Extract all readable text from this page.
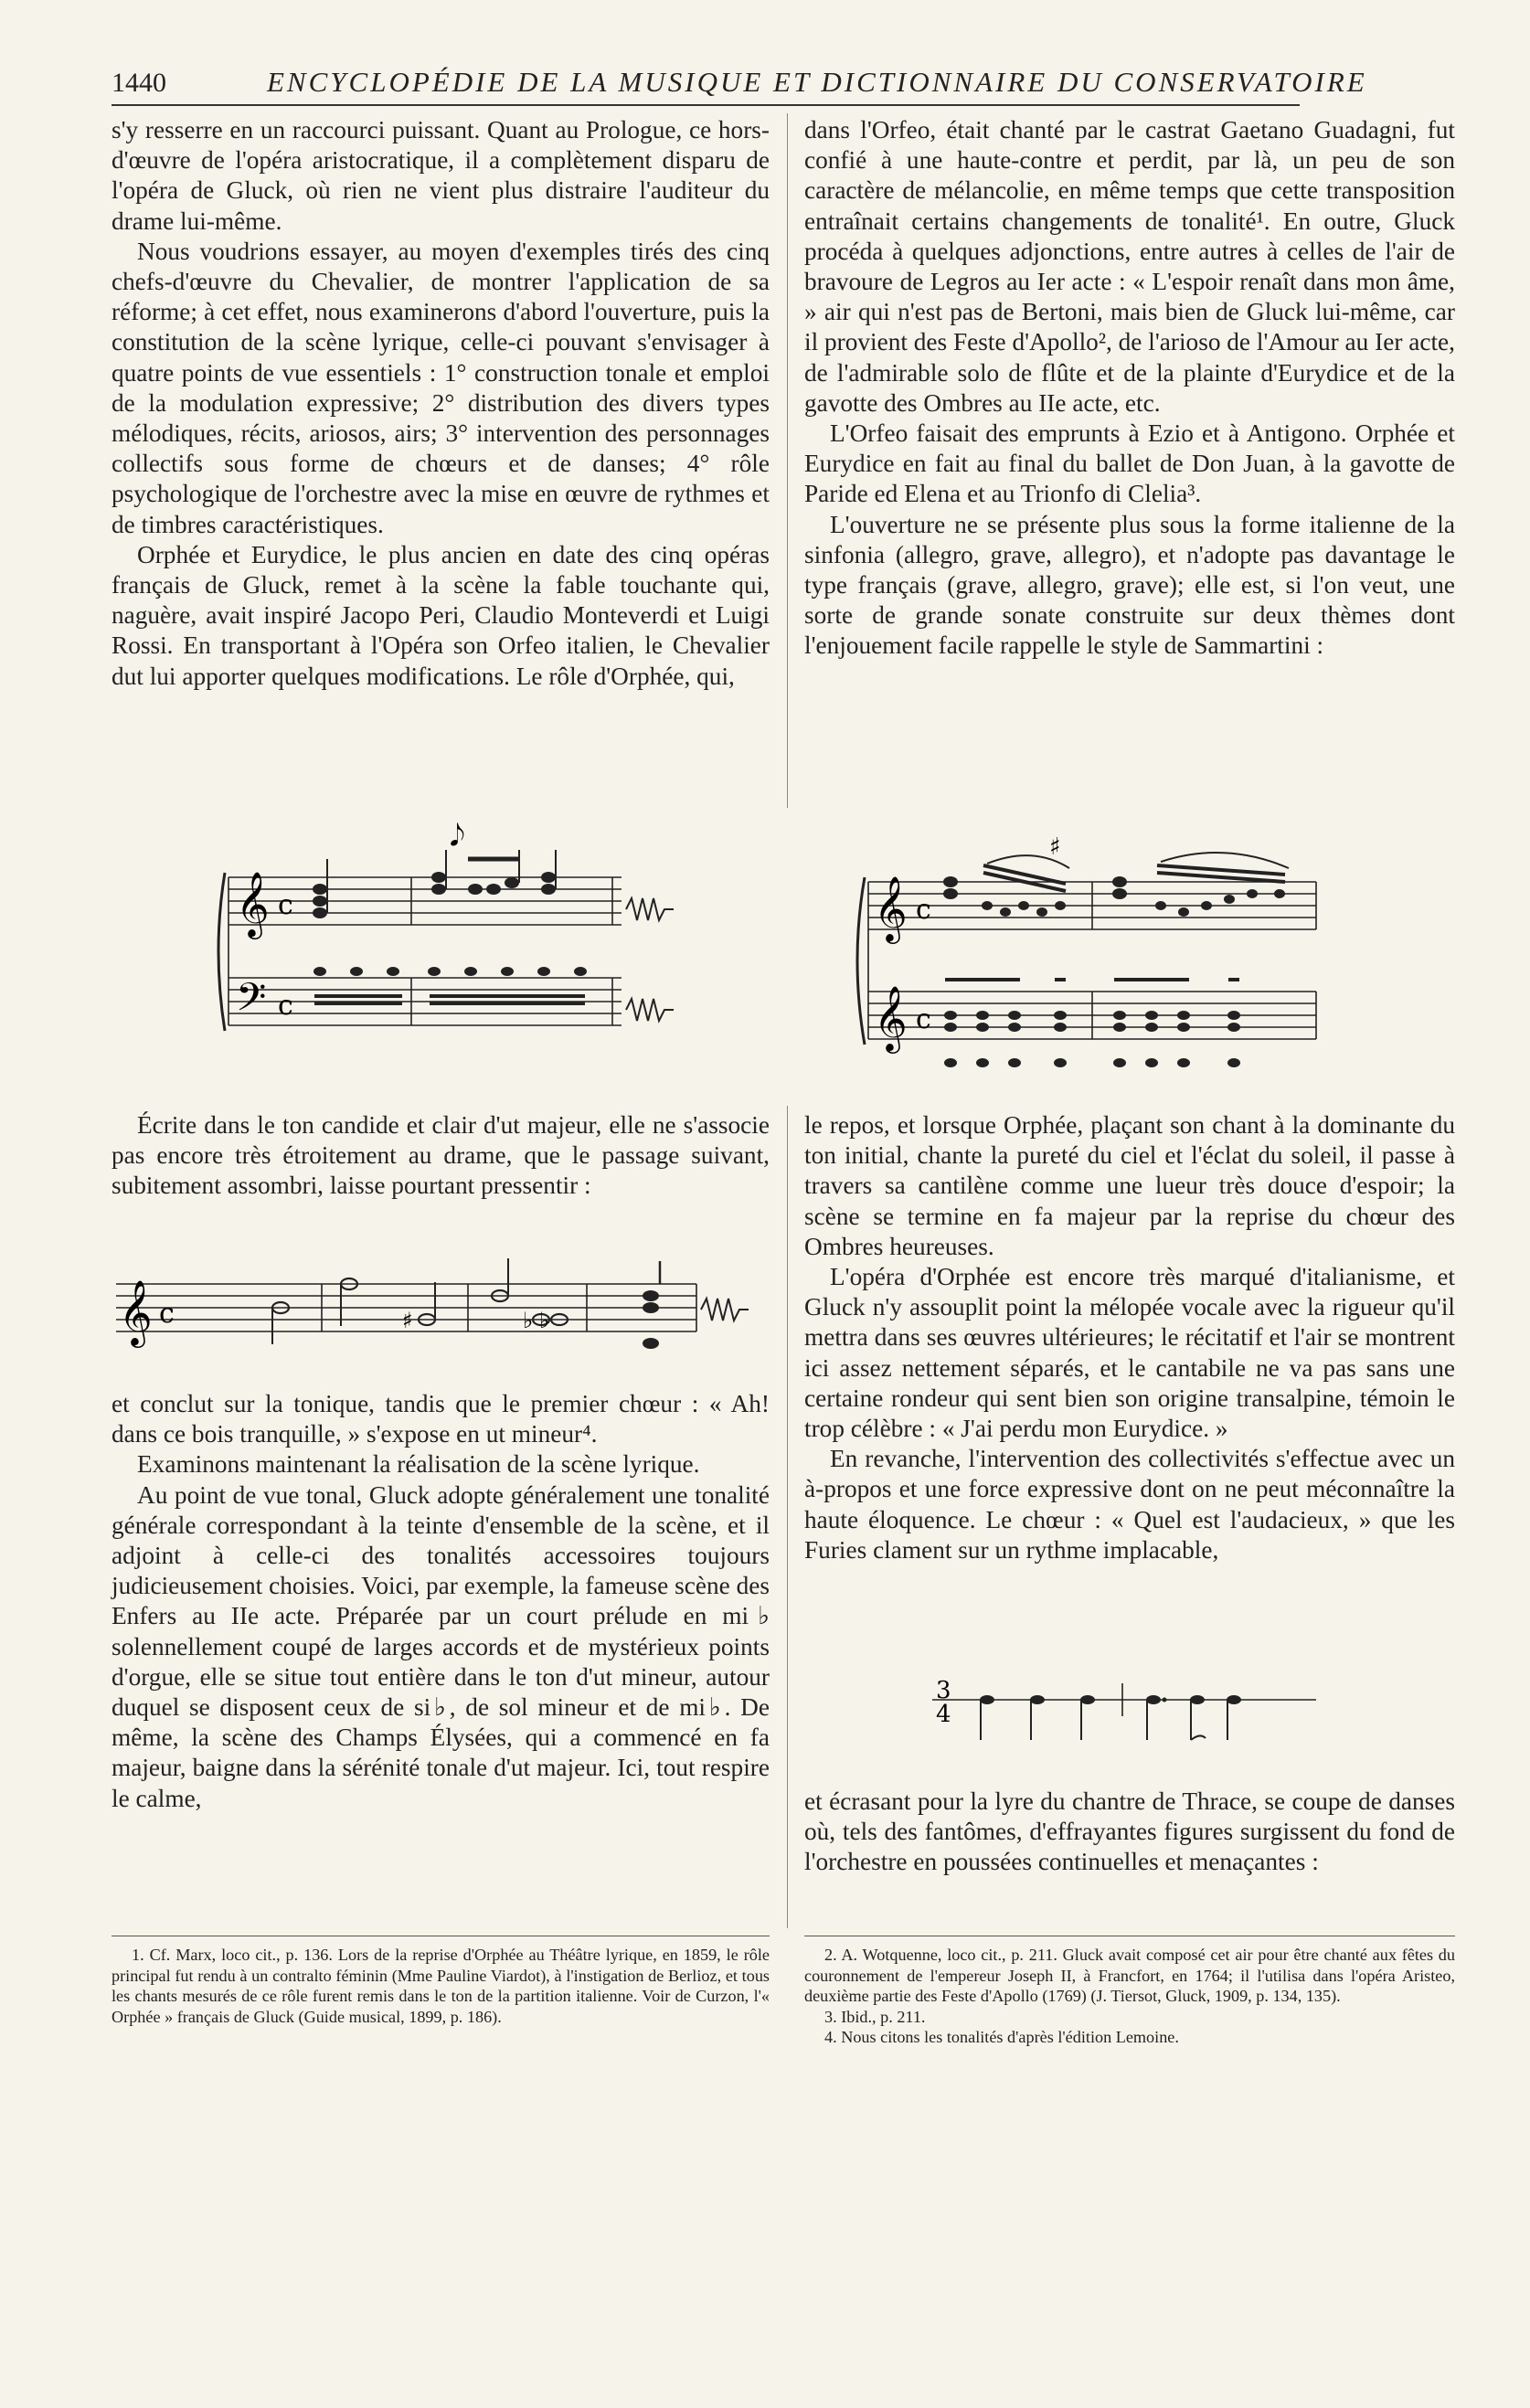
1440	ENCYCLOPÉDIE DE LA MUSIQUE ET DICTIONNAIRE DU CONSERVATOIRE

s'y resserre en un raccourci puissant. Quant au Prologue, ce hors-d'œuvre de l'opéra aristocratique, il a complètement disparu de l'opéra de Gluck, où rien ne vient plus distraire l'auditeur du drame lui-même.

Nous voudrions essayer, au moyen d'exemples tirés des cinq chefs-d'œuvre du Chevalier, de montrer l'application de sa réforme; à cet effet, nous examinerons d'abord l'ouverture, puis la constitution de la scène lyrique, celle-ci pouvant s'envisager à quatre points de vue essentiels : 1° construction tonale et emploi de la modulation expressive; 2° distribution des divers types mélodiques, récits, ariosos, airs; 3° intervention des personnages collectifs sous forme de chœurs et de danses; 4° rôle psychologique de l'orchestre avec la mise en œuvre de rythmes et de timbres caractéristiques.

Orphée et Eurydice, le plus ancien en date des cinq opéras français de Gluck, remet à la scène la fable touchante qui, naguère, avait inspiré Jacopo Peri, Claudio Monteverdi et Luigi Rossi. En transportant à l'Opéra son Orfeo italien, le Chevalier dut lui apporter quelques modifications. Le rôle d'Orphée, qui,

dans l'Orfeo, était chanté par le castrat Gaetano Guadagni, fut confié à une haute-contre et perdit, par là, un peu de son caractère de mélancolie, en même temps que cette transposition entraînait certains changements de tonalité¹. En outre, Gluck procéda à quelques adjonctions, entre autres à celles de l'air de bravoure de Legros au Ier acte : « L'espoir renaît dans mon âme, » air qui n'est pas de Bertoni, mais bien de Gluck lui-même, car il provient des Feste d'Apollo², de l'arioso de l'Amour au Ier acte, de l'admirable solo de flûte et de la plainte d'Eurydice et de la gavotte des Ombres au IIe acte, etc.

L'Orfeo faisait des emprunts à Ezio et à Antigono. Orphée et Eurydice en fait au final du ballet de Don Juan, à la gavotte de Paride ed Elena et au Trionfo di Clelia³.

L'ouverture ne se présente plus sous la forme italienne de la sinfonia (allegro, grave, allegro), et n'adopte pas davantage le type français (grave, allegro, grave); elle est, si l'on veut, une sorte de grande sonate construite sur deux thèmes dont l'enjouement facile rappelle le style de Sammartini :

𝄞 c
𝄢 c
𝅘𝅥𝅮
𝄞 c
𝄞 c
♯

Écrite dans le ton candide et clair d'ut majeur, elle ne s'associe pas encore très étroitement au drame, que le passage suivant, subitement assombri, laisse pourtant pressentir :

𝄞 c	♯	♭ ♭

et conclut sur la tonique, tandis que le premier chœur : « Ah! dans ce bois tranquille, » s'expose en ut mineur⁴.

Examinons maintenant la réalisation de la scène lyrique.

Au point de vue tonal, Gluck adopte généralement une tonalité générale correspondant à la teinte d'ensemble de la scène, et il adjoint à celle-ci des tonalités accessoires toujours judicieusement choisies. Voici, par exemple, la fameuse scène des Enfers au IIe acte. Préparée par un court prélude en mi♭ solennellement coupé de larges accords et de mystérieux points d'orgue, elle se situe tout entière dans le ton d'ut mineur, autour duquel se disposent ceux de si♭, de sol mineur et de mi♭. De même, la scène des Champs Élysées, qui a commencé en fa majeur, baigne dans la sérénité tonale d'ut majeur. Ici, tout respire le calme,

le repos, et lorsque Orphée, plaçant son chant à la dominante du ton initial, chante la pureté du ciel et l'éclat du soleil, il passe à travers sa cantilène comme une lueur très douce d'espoir; la scène se termine en fa majeur par la reprise du chœur des Ombres heureuses.

L'opéra d'Orphée est encore très marqué d'italianisme, et Gluck n'y assouplit point la mélopée vocale avec la rigueur qu'il mettra dans ses œuvres ultérieures; le récitatif et l'air se montrent ici assez nettement séparés, et le cantabile ne va pas sans une certaine rondeur qui sent bien son origine transalpine, témoin le trop célèbre : « J'ai perdu mon Eurydice. »

En revanche, l'intervention des collectivités s'effectue avec un à-propos et une force expressive dont on ne peut méconnaître la haute éloquence. Le chœur : « Quel est l'audacieux, » que les Furies clament sur un rythme implacable,

3
4

et écrasant pour la lyre du chantre de Thrace, se coupe de danses où, tels des fantômes, d'effrayantes figures surgissent du fond de l'orchestre en poussées continuelles et menaçantes :

1. Cf. Marx, loco cit., p. 136. Lors de la reprise d'Orphée au Théâtre lyrique, en 1859, le rôle principal fut rendu à un contralto féminin (Mme Pauline Viardot), à l'instigation de Berlioz, et tous les chants mesurés de ce rôle furent remis dans le ton de la partition italienne. Voir de Curzon, l'« Orphée » français de Gluck (Guide musical, 1899, p. 186).

2. A. Wotquenne, loco cit., p. 211. Gluck avait composé cet air pour être chanté aux fêtes du couronnement de l'empereur Joseph II, à Francfort, en 1764; il l'utilisa dans l'opéra Aristeo, deuxième partie des Feste d'Apollo (1769) (J. Tiersot, Gluck, 1909, p. 134, 135).

3. Ibid., p. 211.

4. Nous citons les tonalités d'après l'édition Lemoine.
